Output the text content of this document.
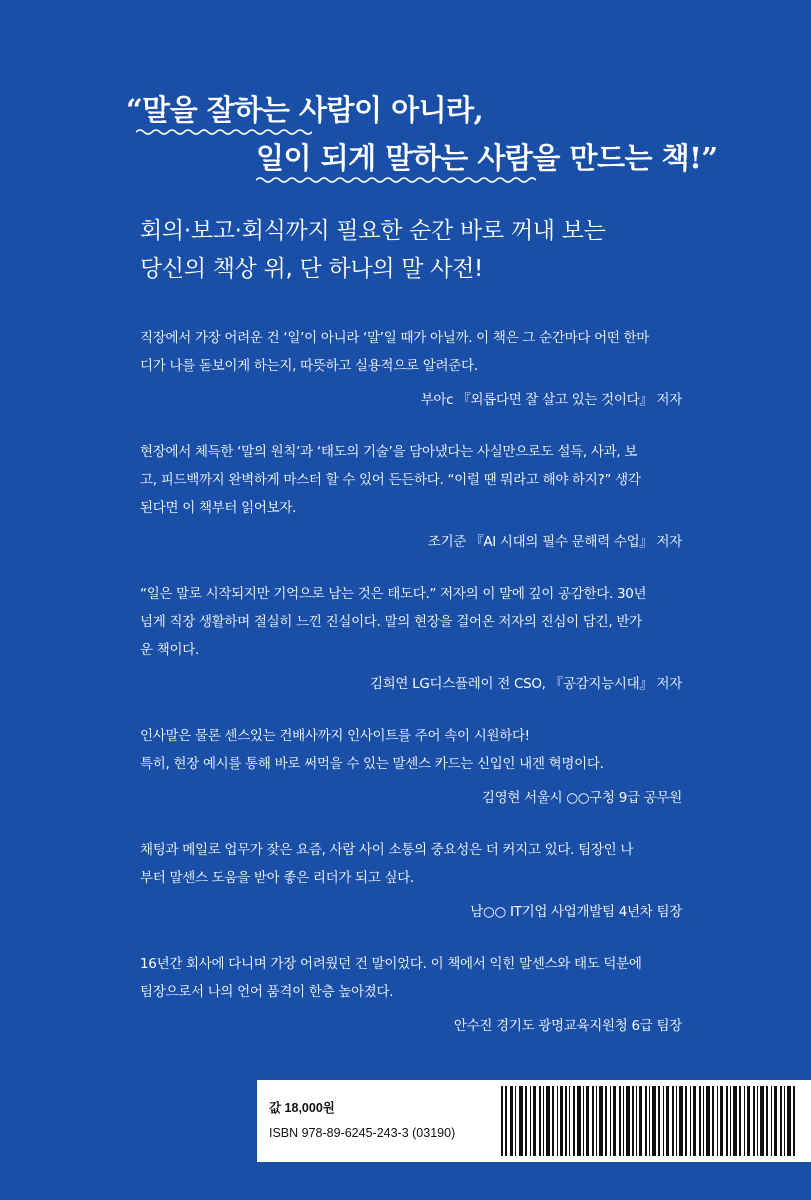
“말을 잘하는 사람이 아니라,
일이 되게 말하는 사람을 만드는 책!”
회의·보고·회식까지 필요한 순간 바로 꺼내 보는
당신의 책상 위, 단 하나의 말 사전!

직장에서 가장 어려운 건 ‘일’이 아니라 ‘말’일 때가 아닐까. 이 책은 그 순간마다 어떤 한마
디가 나를 돋보이게 하는지, 따뜻하고 실용적으로 알려준다.

부아c 『외롭다면 잘 살고 있는 것이다』 저자

현장에서 체득한 ‘말의 원칙’과 ‘태도의 기술’을 담아냈다는 사실만으로도 설득, 사과, 보
고, 피드백까지 완벽하게 마스터 할 수 있어 든든하다. “이럴 땐 뭐라고 해야 하지?” 생각
된다면 이 책부터 읽어보자.

조기준 『AI 시대의 필수 문해력 수업』 저자

“일은 말로 시작되지만 기억으로 남는 것은 태도다.” 저자의 이 말에 깊이 공감한다. 30년
넘게 직장 생활하며 절실히 느낀 진실이다. 말의 현장을 걸어온 저자의 진심이 담긴, 반가
운 책이다.

김희연 LG디스플레이 전 CSO, 『공감지능시대』 저자

인사말은 물론 센스있는 건배사까지 인사이트를 주어 속이 시원하다!
특히, 현장 예시를 통해 바로 써먹을 수 있는 말센스 카드는 신입인 내겐 혁명이다.

김영현 서울시 ○○구청 9급 공무원

채팅과 메일로 업무가 잦은 요즘, 사람 사이 소통의 중요성은 더 커지고 있다. 팀장인 나
부터 말센스 도움을 받아 좋은 리더가 되고 싶다.

남○○ IT기업 사업개발팀 4년차 팀장

16년간 회사에 다니며 가장 어려웠던 건 말이었다. 이 책에서 익힌 말센스와 태도 덕분에
팀장으로서 나의 언어 품격이 한층 높아졌다.

안수진 경기도 광명교육지원청 6급 팀장
값 18,000원
ISBN 978-89-6245-243-3 (03190)
